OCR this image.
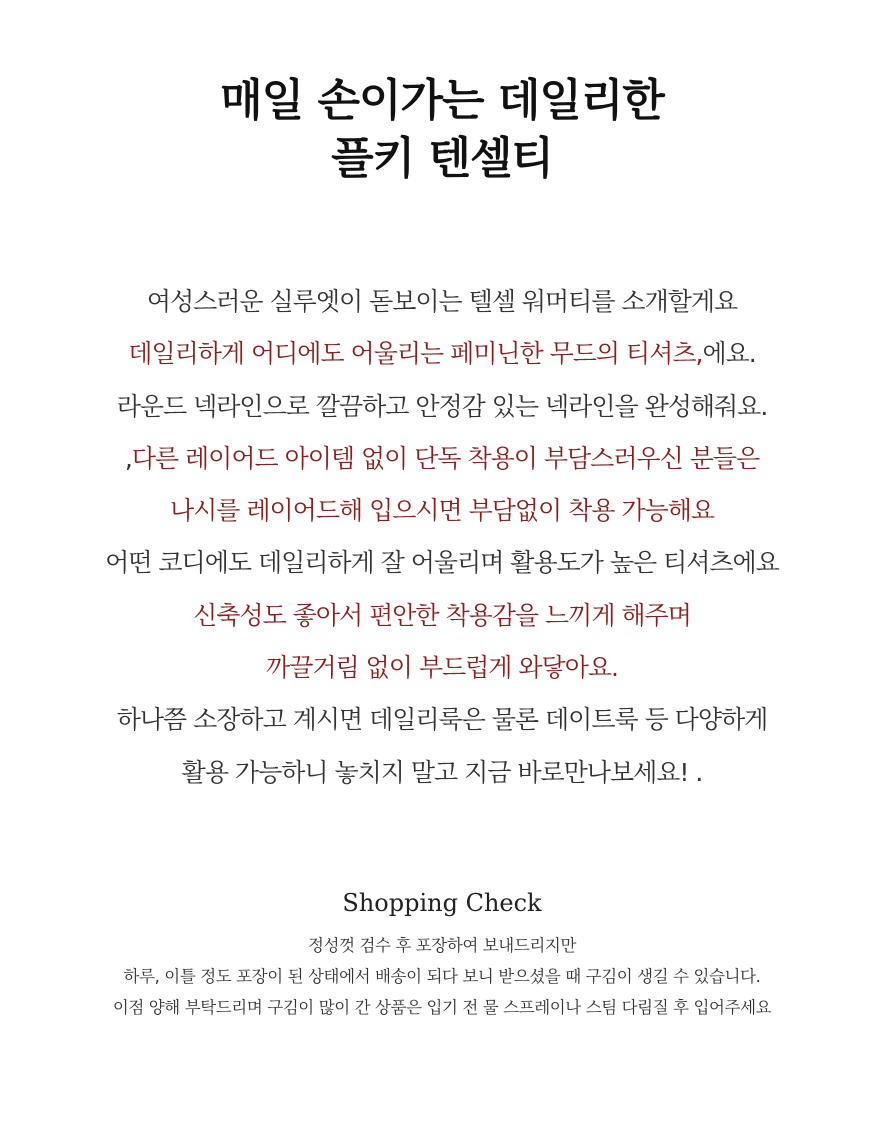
매일 손이가는 데일리한
플키 텐셀티
여성스러운 실루엣이 돋보이는 텔셀 워머티를 소개할게요
데일리하게 어디에도 어울리는 페미닌한 무드의 티셔츠,에요.
라운드 넥라인으로 깔끔하고 안정감 있는 넥라인을 완성해줘요.
,다른 레이어드 아이템 없이 단독 착용이 부담스러우신 분들은
나시를 레이어드해 입으시면 부담없이 착용 가능해요
어떤 코디에도 데일리하게 잘 어울리며 활용도가 높은 티셔츠에요
신축성도 좋아서 편안한 착용감을 느끼게 해주며
까끌거림 없이 부드럽게 와닿아요.
하나쯤 소장하고 계시면 데일리룩은 물론 데이트룩 등 다양하게
활용 가능하니 놓치지 말고 지금 바로만나보세요! .
Shopping Check
정성껏 검수 후 포장하여 보내드리지만
하루, 이틀 정도 포장이 된 상태에서 배송이 되다 보니 받으셨을 때 구김이 생길 수 있습니다.
이점 양해 부탁드리며 구김이 많이 간 상품은 입기 전 물 스프레이나 스팀 다림질 후 입어주세요
